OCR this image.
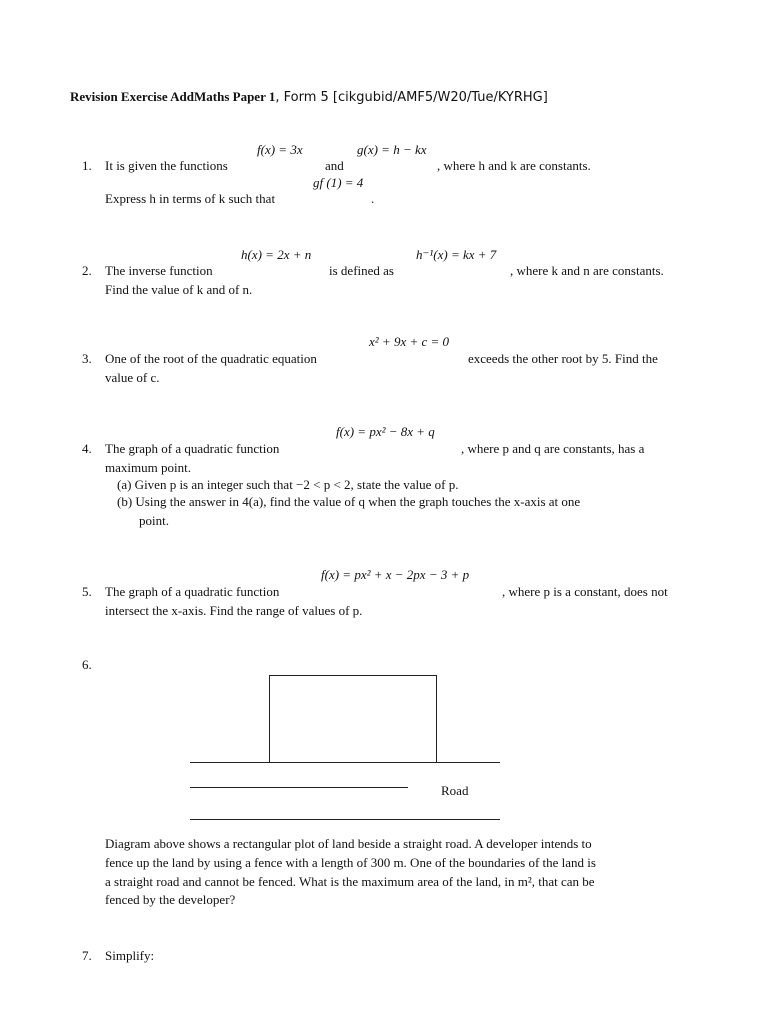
Revision Exercise AddMaths Paper 1, Form 5 [cikgubid/AMF5/W20/Tue/KYRHG]
f(x) = 3x	g(x) = h − kx
1. It is given the functions	and	, where h and k are constants.
gf (1) = 4
Express h in terms of k such that	.
h(x) = 2x + n	h⁻¹(x) = kx + 7
2. The inverse function	is defined as	, where k and n are constants.
Find the value of k and of n.
x² + 9x + c = 0
3. One of the root of the quadratic equation	exceeds the other root by 5. Find the
value of c.
f(x) = px² − 8x + q
4. The graph of a quadratic function	, where p and q are constants, has a
maximum point.
(a) Given p is an integer such that −2 < p < 2, state the value of p.
(b) Using the answer in 4(a), find the value of q when the graph touches the x-axis at one
point.
f(x) = px² + x − 2px − 3 + p
5. The graph of a quadratic function	, where p is a constant, does not
intersect the x-axis. Find the range of values of p.
6.
Road
Diagram above shows a rectangular plot of land beside a straight road. A developer intends to
fence up the land by using a fence with a length of 300 m. One of the boundaries of the land is
a straight road and cannot be fenced. What is the maximum area of the land, in m², that can be
fenced by the developer?
7. Simplify:
